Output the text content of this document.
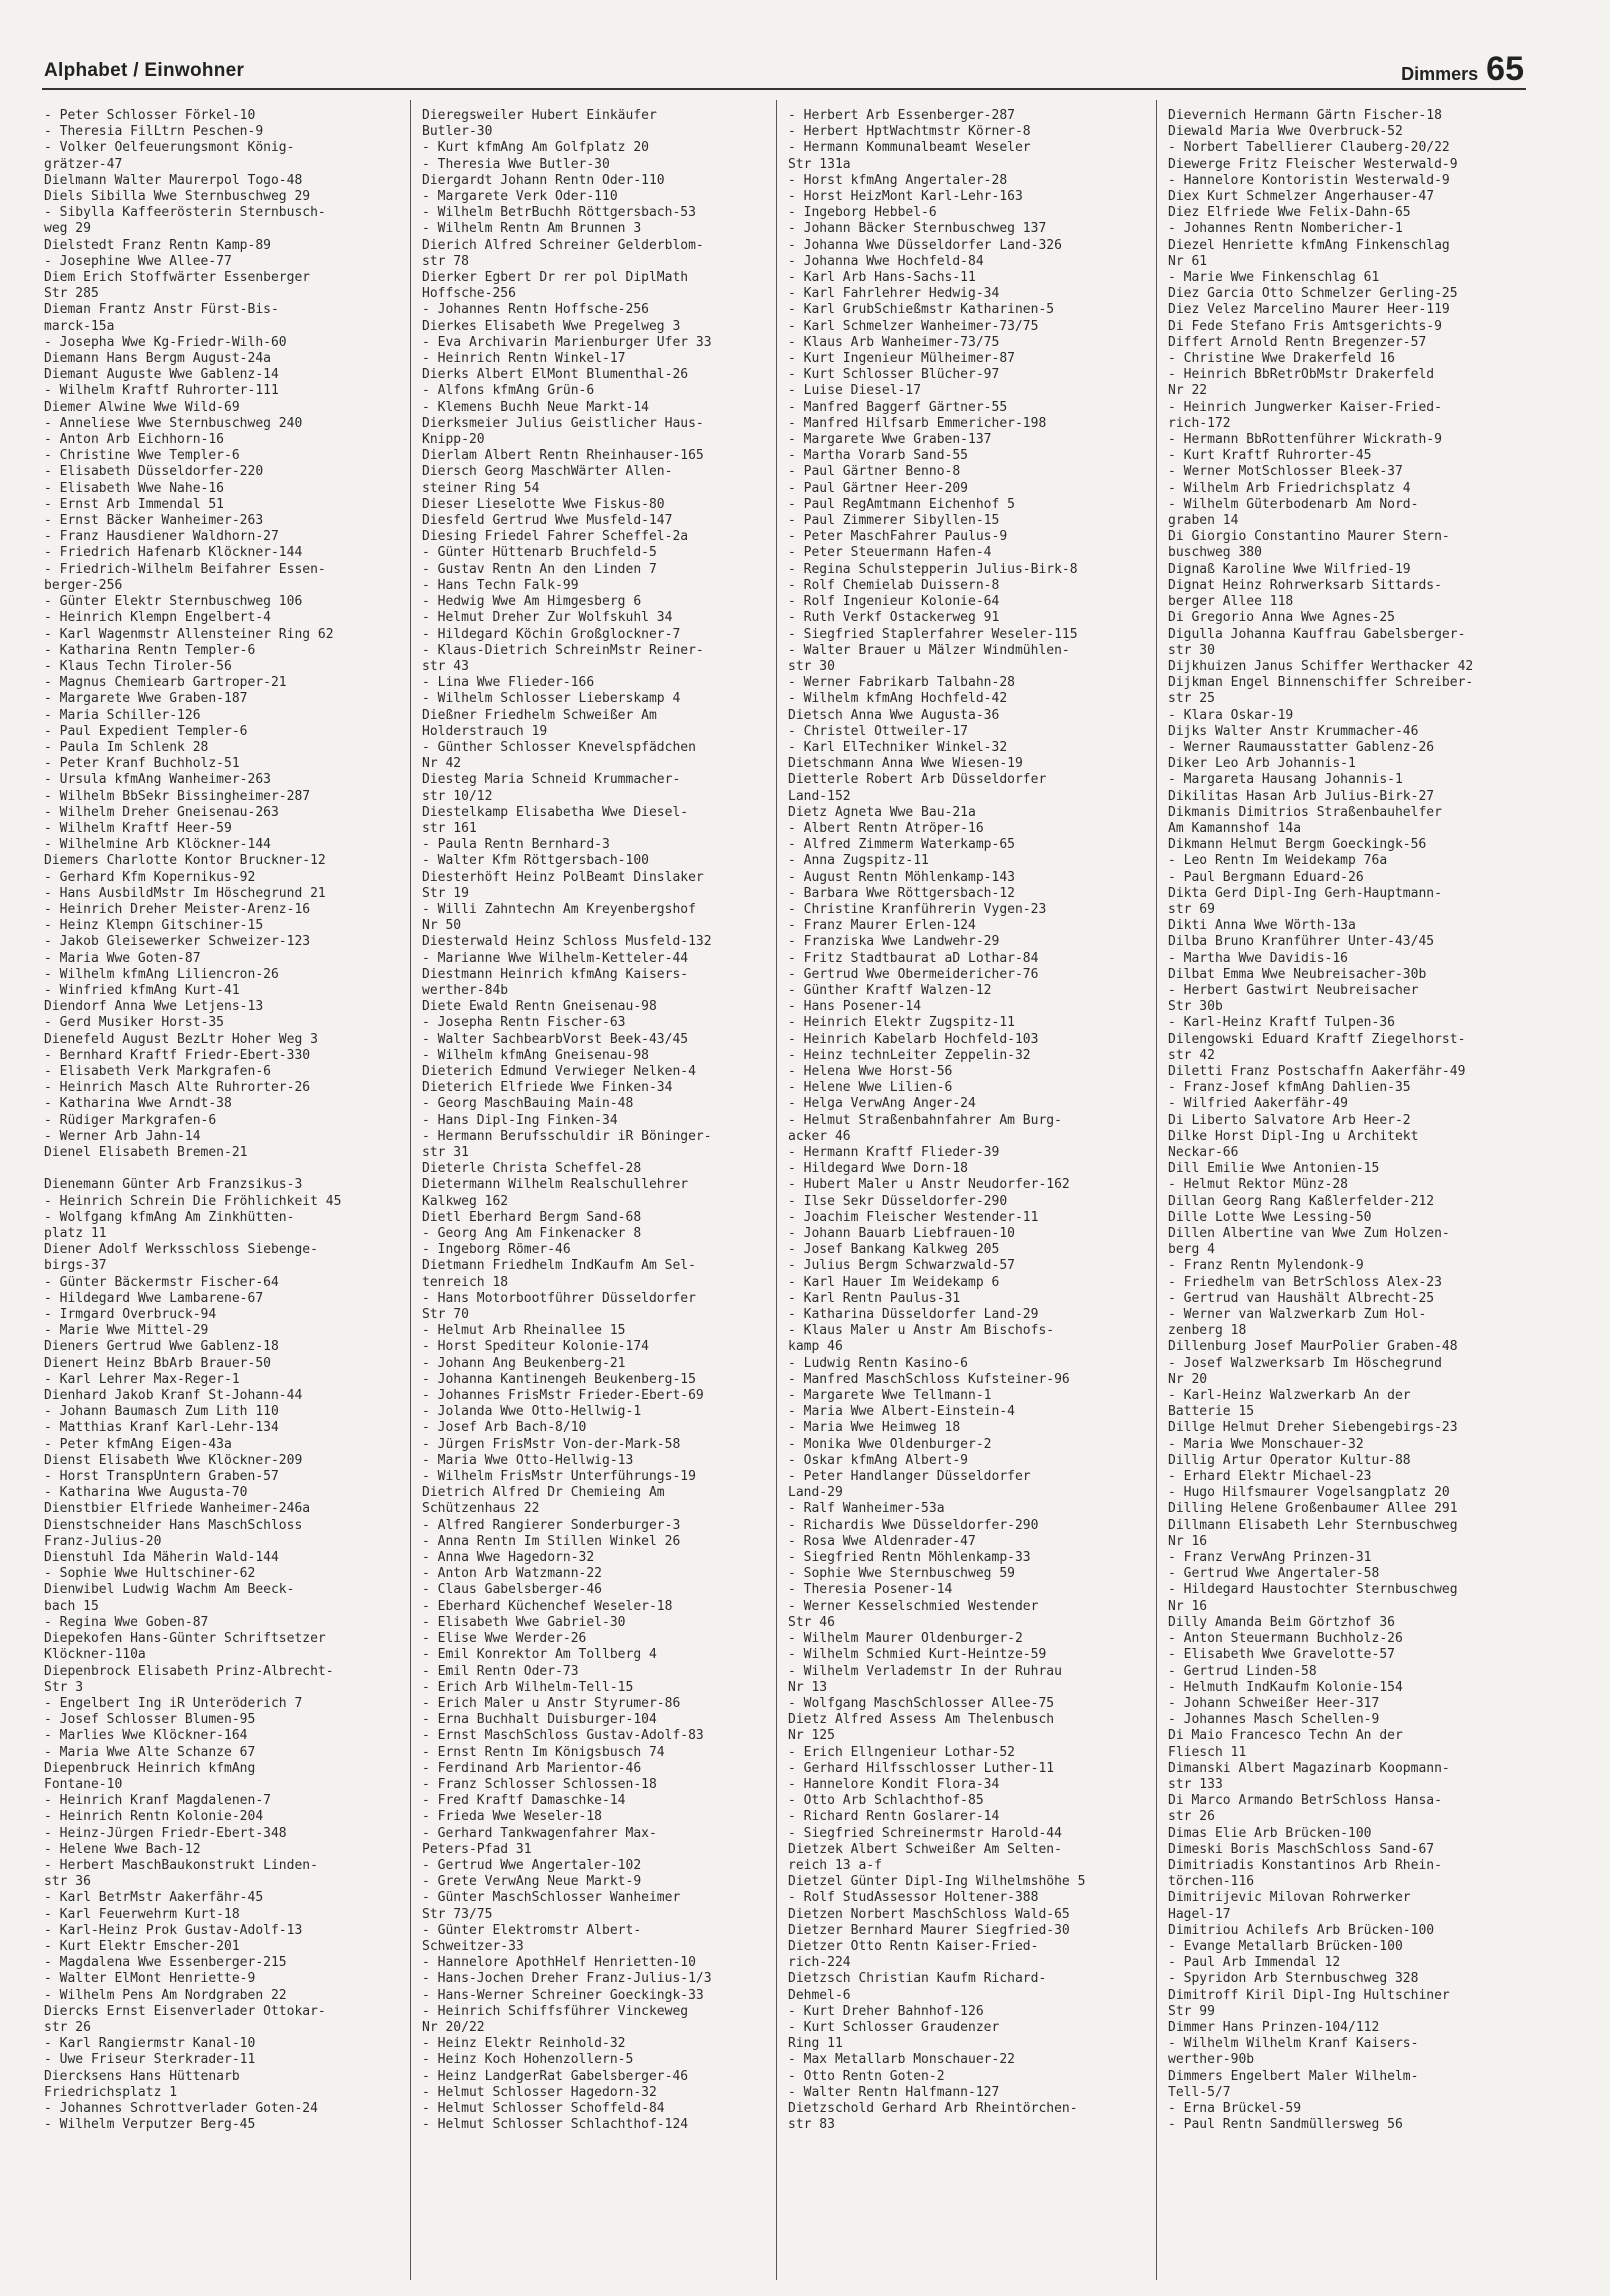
Alphabet / Einwohner	Dimmers 65
- Peter Schlosser Förkel-10
- Theresia FilLtrn Peschen-9
- Volker Oelfeuerungsmont König-
grätzer-47
Dielmann Walter Maurerpol Togo-48
Diels Sibilla Wwe Sternbuschweg 29
- Sibylla Kaffeerösterin Sternbusch-
weg 29
Dielstedt Franz Rentn Kamp-89
- Josephine Wwe Allee-77
Diem Erich Stoffwärter Essenberger
Str 285
Dieman Frantz Anstr Fürst-Bis-
marck-15a
- Josepha Wwe Kg-Friedr-Wilh-60
Diemann Hans Bergm August-24a
Diemant Auguste Wwe Gablenz-14
- Wilhelm Kraftf Ruhrorter-111
Diemer Alwine Wwe Wild-69
- Anneliese Wwe Sternbuschweg 240
- Anton Arb Eichhorn-16
- Christine Wwe Templer-6
- Elisabeth Düsseldorfer-220
- Elisabeth Wwe Nahe-16
- Ernst Arb Immendal 51
- Ernst Bäcker Wanheimer-263
- Franz Hausdiener Waldhorn-27
- Friedrich Hafenarb Klöckner-144
- Friedrich-Wilhelm Beifahrer Essen-
berger-256
- Günter Elektr Sternbuschweg 106
- Heinrich Klempn Engelbert-4
- Karl Wagenmstr Allensteiner Ring 62
- Katharina Rentn Templer-6
- Klaus Techn Tiroler-56
- Magnus Chemiearb Gartroper-21
- Margarete Wwe Graben-187
- Maria Schiller-126
- Paul Expedient Templer-6
- Paula Im Schlenk 28
- Peter Kranf Buchholz-51
- Ursula kfmAng Wanheimer-263
- Wilhelm BbSekr Bissingheimer-287
- Wilhelm Dreher Gneisenau-263
- Wilhelm Kraftf Heer-59
- Wilhelmine Arb Klöckner-144
Diemers Charlotte Kontor Bruckner-12
- Gerhard Kfm Kopernikus-92
- Hans AusbildMstr Im Höschegrund 21
- Heinrich Dreher Meister-Arenz-16
- Heinz Klempn Gitschiner-15
- Jakob Gleisewerker Schweizer-123
- Maria Wwe Goten-87
- Wilhelm kfmAng Liliencron-26
- Winfried kfmAng Kurt-41
Diendorf Anna Wwe Letjens-13
- Gerd Musiker Horst-35
Dienefeld August BezLtr Hoher Weg 3
- Bernhard Kraftf Friedr-Ebert-330
- Elisabeth Verk Markgrafen-6
- Heinrich Masch Alte Ruhrorter-26
- Katharina Wwe Arndt-38
- Rüdiger Markgrafen-6
- Werner Arb Jahn-14
Dienel Elisabeth Bremen-21

Dienemann Günter Arb Franzsikus-3
- Heinrich Schrein Die Fröhlichkeit 45
- Wolfgang kfmAng Am Zinkhütten-
platz 11
Diener Adolf Werksschloss Siebenge-
birgs-37
- Günter Bäckermstr Fischer-64
- Hildegard Wwe Lambarene-67
- Irmgard Overbruck-94
- Marie Wwe Mittel-29
Dieners Gertrud Wwe Gablenz-18
Dienert Heinz BbArb Brauer-50
- Karl Lehrer Max-Reger-1
Dienhard Jakob Kranf St-Johann-44
- Johann Baumasch Zum Lith 110
- Matthias Kranf Karl-Lehr-134
- Peter kfmAng Eigen-43a
Dienst Elisabeth Wwe Klöckner-209
- Horst TranspUntern Graben-57
- Katharina Wwe Augusta-70
Dienstbier Elfriede Wanheimer-246a
Dienstschneider Hans MaschSchloss
Franz-Julius-20
Dienstuhl Ida Mäherin Wald-144
- Sophie Wwe Hultschiner-62
Dienwibel Ludwig Wachm Am Beeck-
bach 15
- Regina Wwe Goben-87
Diepekofen Hans-Günter Schriftsetzer
Klöckner-110a
Diepenbrock Elisabeth Prinz-Albrecht-
Str 3
- Engelbert Ing iR Unteröderich 7
- Josef Schlosser Blumen-95
- Marlies Wwe Klöckner-164
- Maria Wwe Alte Schanze 67
Diepenbruck Heinrich kfmAng
Fontane-10
- Heinrich Kranf Magdalenen-7
- Heinrich Rentn Kolonie-204
- Heinz-Jürgen Friedr-Ebert-348
- Helene Wwe Bach-12
- Herbert MaschBaukonstrukt Linden-
str 36
- Karl BetrMstr Aakerfähr-45
- Karl Feuerwehrm Kurt-18
- Karl-Heinz Prok Gustav-Adolf-13
- Kurt Elektr Emscher-201
- Magdalena Wwe Essenberger-215
- Walter ElMont Henriette-9
- Wilhelm Pens Am Nordgraben 22
Diercks Ernst Eisenverlader Ottokar-
str 26
- Karl Rangiermstr Kanal-10
- Uwe Friseur Sterkrader-11
Diercksens Hans Hüttenarb
Friedrichsplatz 1
- Johannes Schrottverlader Goten-24
- Wilhelm Verputzer Berg-45
Dieregsweiler Hubert Einkäufer
Butler-30
- Kurt kfmAng Am Golfplatz 20
- Theresia Wwe Butler-30
Diergardt Johann Rentn Oder-110
- Margarete Verk Oder-110
- Wilhelm BetrBuchh Röttgersbach-53
- Wilhelm Rentn Am Brunnen 3
Dierich Alfred Schreiner Gelderblom-
str 78
Dierker Egbert Dr rer pol DiplMath
Hoffsche-256
- Johannes Rentn Hoffsche-256
Dierkes Elisabeth Wwe Pregelweg 3
- Eva Archivarin Marienburger Ufer 33
- Heinrich Rentn Winkel-17
Dierks Albert ElMont Blumenthal-26
- Alfons kfmAng Grün-6
- Klemens Buchh Neue Markt-14
Dierksmeier Julius Geistlicher Haus-
Knipp-20
Dierlam Albert Rentn Rheinhauser-165
Diersch Georg MaschWärter Allen-
steiner Ring 54
Dieser Lieselotte Wwe Fiskus-80
Diesfeld Gertrud Wwe Musfeld-147
Diesing Friedel Fahrer Scheffel-2a
- Günter Hüttenarb Bruchfeld-5
- Gustav Rentn An den Linden 7
- Hans Techn Falk-99
- Hedwig Wwe Am Himgesberg 6
- Helmut Dreher Zur Wolfskuhl 34
- Hildegard Köchin Großglockner-7
- Klaus-Dietrich SchreinMstr Reiner-
str 43
- Lina Wwe Flieder-166
- Wilhelm Schlosser Lieberskamp 4
Dießner Friedhelm Schweißer Am
Holderstrauch 19
- Günther Schlosser Knevelspfädchen
Nr 42
Diesteg Maria Schneid Krummacher-
str 10/12
Diestelkamp Elisabetha Wwe Diesel-
str 161
- Paula Rentn Bernhard-3
- Walter Kfm Röttgersbach-100
Diesterhöft Heinz PolBeamt Dinslaker
Str 19
- Willi Zahntechn Am Kreyenbergshof
Nr 50
Diesterwald Heinz Schloss Musfeld-132
- Marianne Wwe Wilhelm-Ketteler-44
Diestmann Heinrich kfmAng Kaisers-
werther-84b
Diete Ewald Rentn Gneisenau-98
- Josepha Rentn Fischer-63
- Walter SachbearbVorst Beek-43/45
- Wilhelm kfmAng Gneisenau-98
Dieterich Edmund Verwieger Nelken-4
Dieterich Elfriede Wwe Finken-34
- Georg MaschBauing Main-48
- Hans Dipl-Ing Finken-34
- Hermann Berufsschuldir iR Böninger-
str 31
Dieterle Christa Scheffel-28
Dietermann Wilhelm Realschullehrer
Kalkweg 162
Dietl Eberhard Bergm Sand-68
- Georg Ang Am Finkenacker 8
- Ingeborg Römer-46
Dietmann Friedhelm IndKaufm Am Sel-
tenreich 18
- Hans Motorbootführer Düsseldorfer
Str 70
- Helmut Arb Rheinallee 15
- Horst Spediteur Kolonie-174
- Johann Ang Beukenberg-21
- Johanna Kantinengeh Beukenberg-15
- Johannes FrisMstr Frieder-Ebert-69
- Jolanda Wwe Otto-Hellwig-1
- Josef Arb Bach-8/10
- Jürgen FrisMstr Von-der-Mark-58
- Maria Wwe Otto-Hellwig-13
- Wilhelm FrisMstr Unterführungs-19
Dietrich Alfred Dr Chemieing Am
Schützenhaus 22
- Alfred Rangierer Sonderburger-3
- Anna Rentn Im Stillen Winkel 26
- Anna Wwe Hagedorn-32
- Anton Arb Watzmann-22
- Claus Gabelsberger-46
- Eberhard Küchenchef Weseler-18
- Elisabeth Wwe Gabriel-30
- Elise Wwe Werder-26
- Emil Konrektor Am Tollberg 4
- Emil Rentn Oder-73
- Erich Arb Wilhelm-Tell-15
- Erich Maler u Anstr Styrumer-86
- Erna Buchhalt Duisburger-104
- Ernst MaschSchloss Gustav-Adolf-83
- Ernst Rentn Im Königsbusch 74
- Ferdinand Arb Marientor-46
- Franz Schlosser Schlossen-18
- Fred Kraftf Damaschke-14
- Frieda Wwe Weseler-18
- Gerhard Tankwagenfahrer Max-
Peters-Pfad 31
- Gertrud Wwe Angertaler-102
- Grete VerwAng Neue Markt-9
- Günter MaschSchlosser Wanheimer
Str 73/75
- Günter Elektromstr Albert-
Schweitzer-33
- Hannelore ApothHelf Henrietten-10
- Hans-Jochen Dreher Franz-Julius-1/3
- Hans-Werner Schreiner Goeckingk-33
- Heinrich Schiffsführer Vinckeweg
Nr 20/22
- Heinz Elektr Reinhold-32
- Heinz Koch Hohenzollern-5
- Heinz LandgerRat Gabelsberger-46
- Helmut Schlosser Hagedorn-32
- Helmut Schlosser Schoffeld-84
- Helmut Schlosser Schlachthof-124
- Herbert Arb Essenberger-287
- Herbert HptWachtmstr Körner-8
- Hermann Kommunalbeamt Weseler
Str 131a
- Horst kfmAng Angertaler-28
- Horst HeizMont Karl-Lehr-163
- Ingeborg Hebbel-6
- Johann Bäcker Sternbuschweg 137
- Johanna Wwe Düsseldorfer Land-326
- Johanna Wwe Hochfeld-84
- Karl Arb Hans-Sachs-11
- Karl Fahrlehrer Hedwig-34
- Karl GrubSchießmstr Katharinen-5
- Karl Schmelzer Wanheimer-73/75
- Klaus Arb Wanheimer-73/75
- Kurt Ingenieur Mülheimer-87
- Kurt Schlosser Blücher-97
- Luise Diesel-17
- Manfred Baggerf Gärtner-55
- Manfred Hilfsarb Emmericher-198
- Margarete Wwe Graben-137
- Martha Vorarb Sand-55
- Paul Gärtner Benno-8
- Paul Gärtner Heer-209
- Paul RegAmtmann Eichenhof 5
- Paul Zimmerer Sibyllen-15
- Peter MaschFahrer Paulus-9
- Peter Steuermann Hafen-4
- Regina Schulstepperin Julius-Birk-8
- Rolf Chemielab Duissern-8
- Rolf Ingenieur Kolonie-64
- Ruth Verkf Ostackerweg 91
- Siegfried Staplerfahrer Weseler-115
- Walter Brauer u Mälzer Windmühlen-
str 30
- Werner Fabrikarb Talbahn-28
- Wilhelm kfmAng Hochfeld-42
Dietsch Anna Wwe Augusta-36
- Christel Ottweiler-17
- Karl ElTechniker Winkel-32
Dietschmann Anna Wwe Wiesen-19
Dietterle Robert Arb Düsseldorfer
Land-152
Dietz Agneta Wwe Bau-21a
- Albert Rentn Atröper-16
- Alfred Zimmerm Waterkamp-65
- Anna Zugspitz-11
- August Rentn Möhlenkamp-143
- Barbara Wwe Röttgersbach-12
- Christine Kranführerin Vygen-23
- Franz Maurer Erlen-124
- Franziska Wwe Landwehr-29
- Fritz Stadtbaurat aD Lothar-84
- Gertrud Wwe Obermeidericher-76
- Günther Kraftf Walzen-12
- Hans Posener-14
- Heinrich Elektr Zugspitz-11
- Heinrich Kabelarb Hochfeld-103
- Heinz technLeiter Zeppelin-32
- Helena Wwe Horst-56
- Helene Wwe Lilien-6
- Helga VerwAng Anger-24
- Helmut Straßenbahnfahrer Am Burg-
acker 46
- Hermann Kraftf Flieder-39
- Hildegard Wwe Dorn-18
- Hubert Maler u Anstr Neudorfer-162
- Ilse Sekr Düsseldorfer-290
- Joachim Fleischer Westender-11
- Johann Bauarb Liebfrauen-10
- Josef Bankang Kalkweg 205
- Julius Bergm Schwarzwald-57
- Karl Hauer Im Weidekamp 6
- Karl Rentn Paulus-31
- Katharina Düsseldorfer Land-29
- Klaus Maler u Anstr Am Bischofs-
kamp 46
- Ludwig Rentn Kasino-6
- Manfred MaschSchloss Kufsteiner-96
- Margarete Wwe Tellmann-1
- Maria Wwe Albert-Einstein-4
- Maria Wwe Heimweg 18
- Monika Wwe Oldenburger-2
- Oskar kfmAng Albert-9
- Peter Handlanger Düsseldorfer
Land-29
- Ralf Wanheimer-53a
- Richardis Wwe Düsseldorfer-290
- Rosa Wwe Aldenrader-47
- Siegfried Rentn Möhlenkamp-33
- Sophie Wwe Sternbuschweg 59
- Theresia Posener-14
- Werner Kesselschmied Westender
Str 46
- Wilhelm Maurer Oldenburger-2
- Wilhelm Schmied Kurt-Heintze-59
- Wilhelm Verlademstr In der Ruhrau
Nr 13
- Wolfgang MaschSchlosser Allee-75
Dietz Alfred Assess Am Thelenbusch
Nr 125
- Erich Ellngenieur Lothar-52
- Gerhard Hilfsschlosser Luther-11
- Hannelore Kondit Flora-34
- Otto Arb Schlachthof-85
- Richard Rentn Goslarer-14
- Siegfried Schreinermstr Harold-44
Dietzek Albert Schweißer Am Selten-
reich 13 a-f
Dietzel Günter Dipl-Ing Wilhelmshöhe 5
- Rolf StudAssessor Holtener-388
Dietzen Norbert MaschSchloss Wald-65
Dietzer Bernhard Maurer Siegfried-30
Dietzer Otto Rentn Kaiser-Fried-
rich-224
Dietzsch Christian Kaufm Richard-
Dehmel-6
- Kurt Dreher Bahnhof-126
- Kurt Schlosser Graudenzer
Ring 11
- Max Metallarb Monschauer-22
- Otto Rentn Goten-2
- Walter Rentn Halfmann-127
Dietzschold Gerhard Arb Rheintörchen-
str 83
Dievernich Hermann Gärtn Fischer-18
Diewald Maria Wwe Overbruck-52
- Norbert Tabellierer Clauberg-20/22
Diewerge Fritz Fleischer Westerwald-9
- Hannelore Kontoristin Westerwald-9
Diex Kurt Schmelzer Angerhauser-47
Diez Elfriede Wwe Felix-Dahn-65
- Johannes Rentn Nombericher-1
Diezel Henriette kfmAng Finkenschlag
Nr 61
- Marie Wwe Finkenschlag 61
Diez Garcia Otto Schmelzer Gerling-25
Diez Velez Marcelino Maurer Heer-119
Di Fede Stefano Fris Amtsgerichts-9
Differt Arnold Rentn Bregenzer-57
- Christine Wwe Drakerfeld 16
- Heinrich BbRetrObMstr Drakerfeld
Nr 22
- Heinrich Jungwerker Kaiser-Fried-
rich-172
- Hermann BbRottenführer Wickrath-9
- Kurt Kraftf Ruhrorter-45
- Werner MotSchlosser Bleek-37
- Wilhelm Arb Friedrichsplatz 4
- Wilhelm Güterbodenarb Am Nord-
graben 14
Di Giorgio Constantino Maurer Stern-
buschweg 380
Dignaß Karoline Wwe Wilfried-19
Dignat Heinz Rohrwerksarb Sittards-
berger Allee 118
Di Gregorio Anna Wwe Agnes-25
Digulla Johanna Kauffrau Gabelsberger-
str 30
Dijkhuizen Janus Schiffer Werthacker 42
Dijkman Engel Binnenschiffer Schreiber-
str 25
- Klara Oskar-19
Dijks Walter Anstr Krummacher-46
- Werner Raumausstatter Gablenz-26
Diker Leo Arb Johannis-1
- Margareta Hausang Johannis-1
Dikilitas Hasan Arb Julius-Birk-27
Dikmanis Dimitrios Straßenbauhelfer
Am Kamannshof 14a
Dikmann Helmut Bergm Goeckingk-56
- Leo Rentn Im Weidekamp 76a
- Paul Bergmann Eduard-26
Dikta Gerd Dipl-Ing Gerh-Hauptmann-
str 69
Dikti Anna Wwe Wörth-13a
Dilba Bruno Kranführer Unter-43/45
- Martha Wwe Davidis-16
Dilbat Emma Wwe Neubreisacher-30b
- Herbert Gastwirt Neubreisacher
Str 30b
- Karl-Heinz Kraftf Tulpen-36
Dilengowski Eduard Kraftf Ziegelhorst-
str 42
Diletti Franz Postschaffn Aakerfähr-49
- Franz-Josef kfmAng Dahlien-35
- Wilfried Aakerfähr-49
Di Liberto Salvatore Arb Heer-2
Dilke Horst Dipl-Ing u Architekt
Neckar-66
Dill Emilie Wwe Antonien-15
- Helmut Rektor Münz-28
Dillan Georg Rang Kaßlerfelder-212
Dille Lotte Wwe Lessing-50
Dillen Albertine van Wwe Zum Holzen-
berg 4
- Franz Rentn Mylendonk-9
- Friedhelm van BetrSchloss Alex-23
- Gertrud van Haushält Albrecht-25
- Werner van Walzwerkarb Zum Hol-
zenberg 18
Dillenburg Josef MaurPolier Graben-48
- Josef Walzwerksarb Im Höschegrund
Nr 20
- Karl-Heinz Walzwerkarb An der
Batterie 15
Dillge Helmut Dreher Siebengebirgs-23
- Maria Wwe Monschauer-32
Dillig Artur Operator Kultur-88
- Erhard Elektr Michael-23
- Hugo Hilfsmaurer Vogelsangplatz 20
Dilling Helene Großenbaumer Allee 291
Dillmann Elisabeth Lehr Sternbuschweg
Nr 16
- Franz VerwAng Prinzen-31
- Gertrud Wwe Angertaler-58
- Hildegard Haustochter Sternbuschweg
Nr 16
Dilly Amanda Beim Görtzhof 36
- Anton Steuermann Buchholz-26
- Elisabeth Wwe Gravelotte-57
- Gertrud Linden-58
- Helmuth IndKaufm Kolonie-154
- Johann Schweißer Heer-317
- Johannes Masch Schellen-9
Di Maio Francesco Techn An der
Fliesch 11
Dimanski Albert Magazinarb Koopmann-
str 133
Di Marco Armando BetrSchloss Hansa-
str 26
Dimas Elie Arb Brücken-100
Dimeski Boris MaschSchloss Sand-67
Dimitriadis Konstantinos Arb Rhein-
törchen-116
Dimitrijevic Milovan Rohrwerker
Hagel-17
Dimitriou Achilefs Arb Brücken-100
- Evange Metallarb Brücken-100
- Paul Arb Immendal 12
- Spyridon Arb Sternbuschweg 328
Dimitroff Kiril Dipl-Ing Hultschiner
Str 99
Dimmer Hans Prinzen-104/112
- Wilhelm Wilhelm Kranf Kaisers-
werther-90b
Dimmers Engelbert Maler Wilhelm-
Tell-5/7
- Erna Brückel-59
- Paul Rentn Sandmüllersweg 56
